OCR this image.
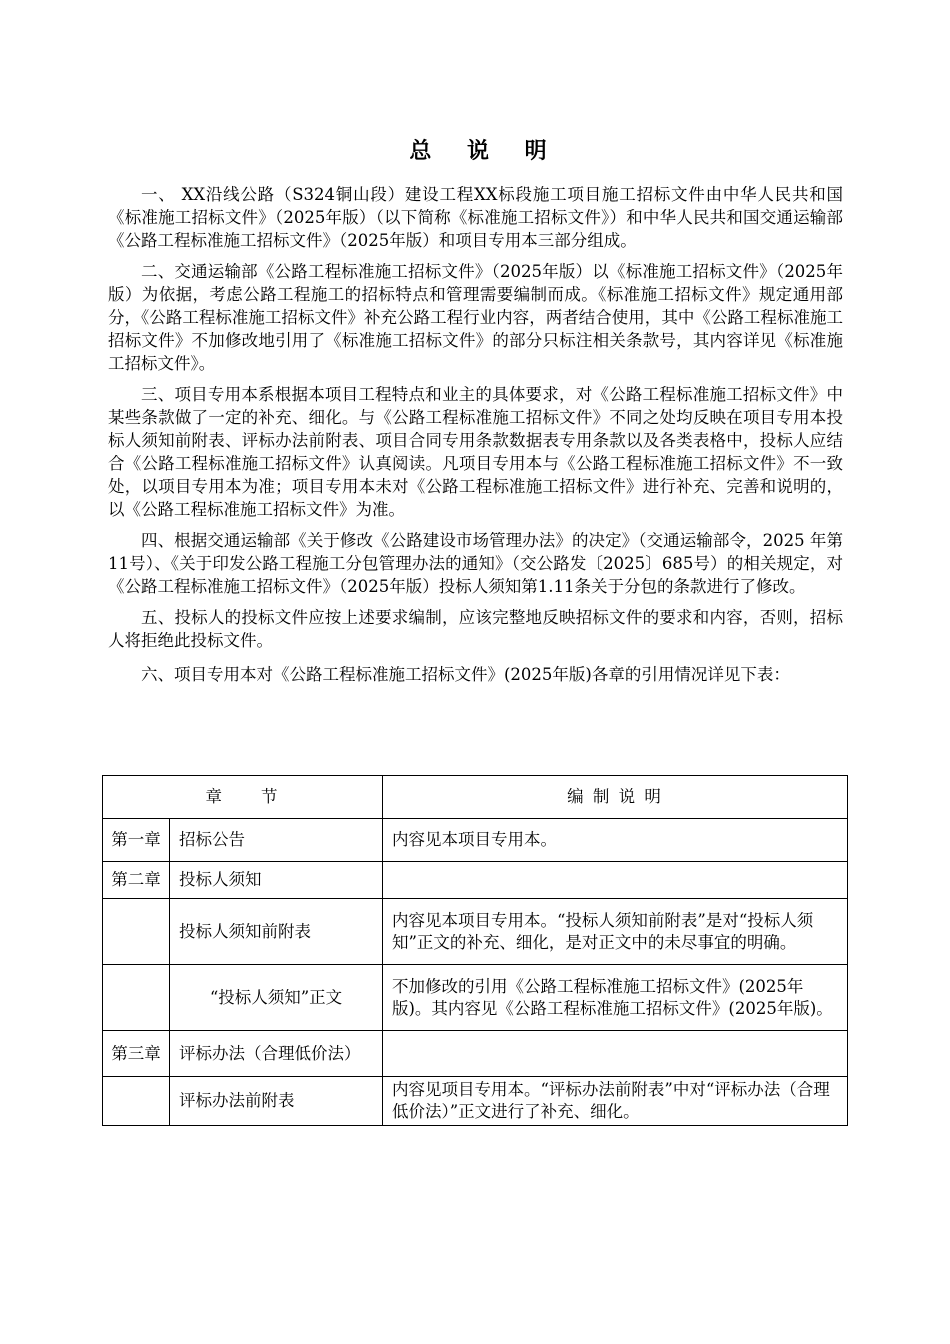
总 说 明

一、 XX沿线公路（S324铜山段）建设工程XX标段施工项目施工招标文件由中华人民共和国《标准施工招标文件》（2025年版）（以下简称《标准施工招标文件》）和中华人民共和国交通运输部《公路工程标准施工招标文件》（2025年版）和项目专用本三部分组成。

二、交通运输部《公路工程标准施工招标文件》（2025年版）以《标准施工招标文件》（2025年版）为依据，考虑公路工程施工的招标特点和管理需要编制而成。《标准施工招标文件》规定通用部分，《公路工程标准施工招标文件》补充公路工程行业内容，两者结合使用，其中《公路工程标准施工招标文件》不加修改地引用了《标准施工招标文件》的部分只标注相关条款号，其内容详见《标准施工招标文件》。

三、项目专用本系根据本项目工程特点和业主的具体要求，对《公路工程标准施工招标文件》中某些条款做了一定的补充、细化。与《公路工程标准施工招标文件》不同之处均反映在项目专用本投标人须知前附表、评标办法前附表、项目合同专用条款数据表专用条款以及各类表格中，投标人应结合《公路工程标准施工招标文件》认真阅读。凡项目专用本与《公路工程标准施工招标文件》不一致处，以项目专用本为准；项目专用本未对《公路工程标准施工招标文件》进行补充、完善和说明的，以《公路工程标准施工招标文件》为准。

四、根据交通运输部《关于修改《公路建设市场管理办法》的决定》（交通运输部令，2025 年第11号）、《关于印发公路工程施工分包管理办法的通知》（交公路发〔2025〕685号）的相关规定，对《公路工程标准施工招标文件》（2025年版）投标人须知第1.11条关于分包的条款进行了修改。

五、投标人的投标文件应按上述要求编制，应该完整地反映招标文件的要求和内容，否则，招标人将拒绝此投标文件。

六、项目专用本对《公路工程标准施工招标文件》(2025年版)各章的引用情况详见下表：

章　　节		编 制 说 明
第一章	招标公告	内容见本项目专用本。
第二章	投标人须知	
	投标人须知前附表	内容见本项目专用本。“投标人须知前附表”是对“投标人须知”正文的补充、细化，是对正文中的未尽事宜的明确。
	“投标人须知”正文	不加修改的引用《公路工程标准施工招标文件》(2025年版)。其内容见《公路工程标准施工招标文件》(2025年版)。
第三章	评标办法（合理低价法）	
	评标办法前附表	内容见项目专用本。“评标办法前附表”中对“评标办法（合理低价法）”正文进行了补充、细化。
